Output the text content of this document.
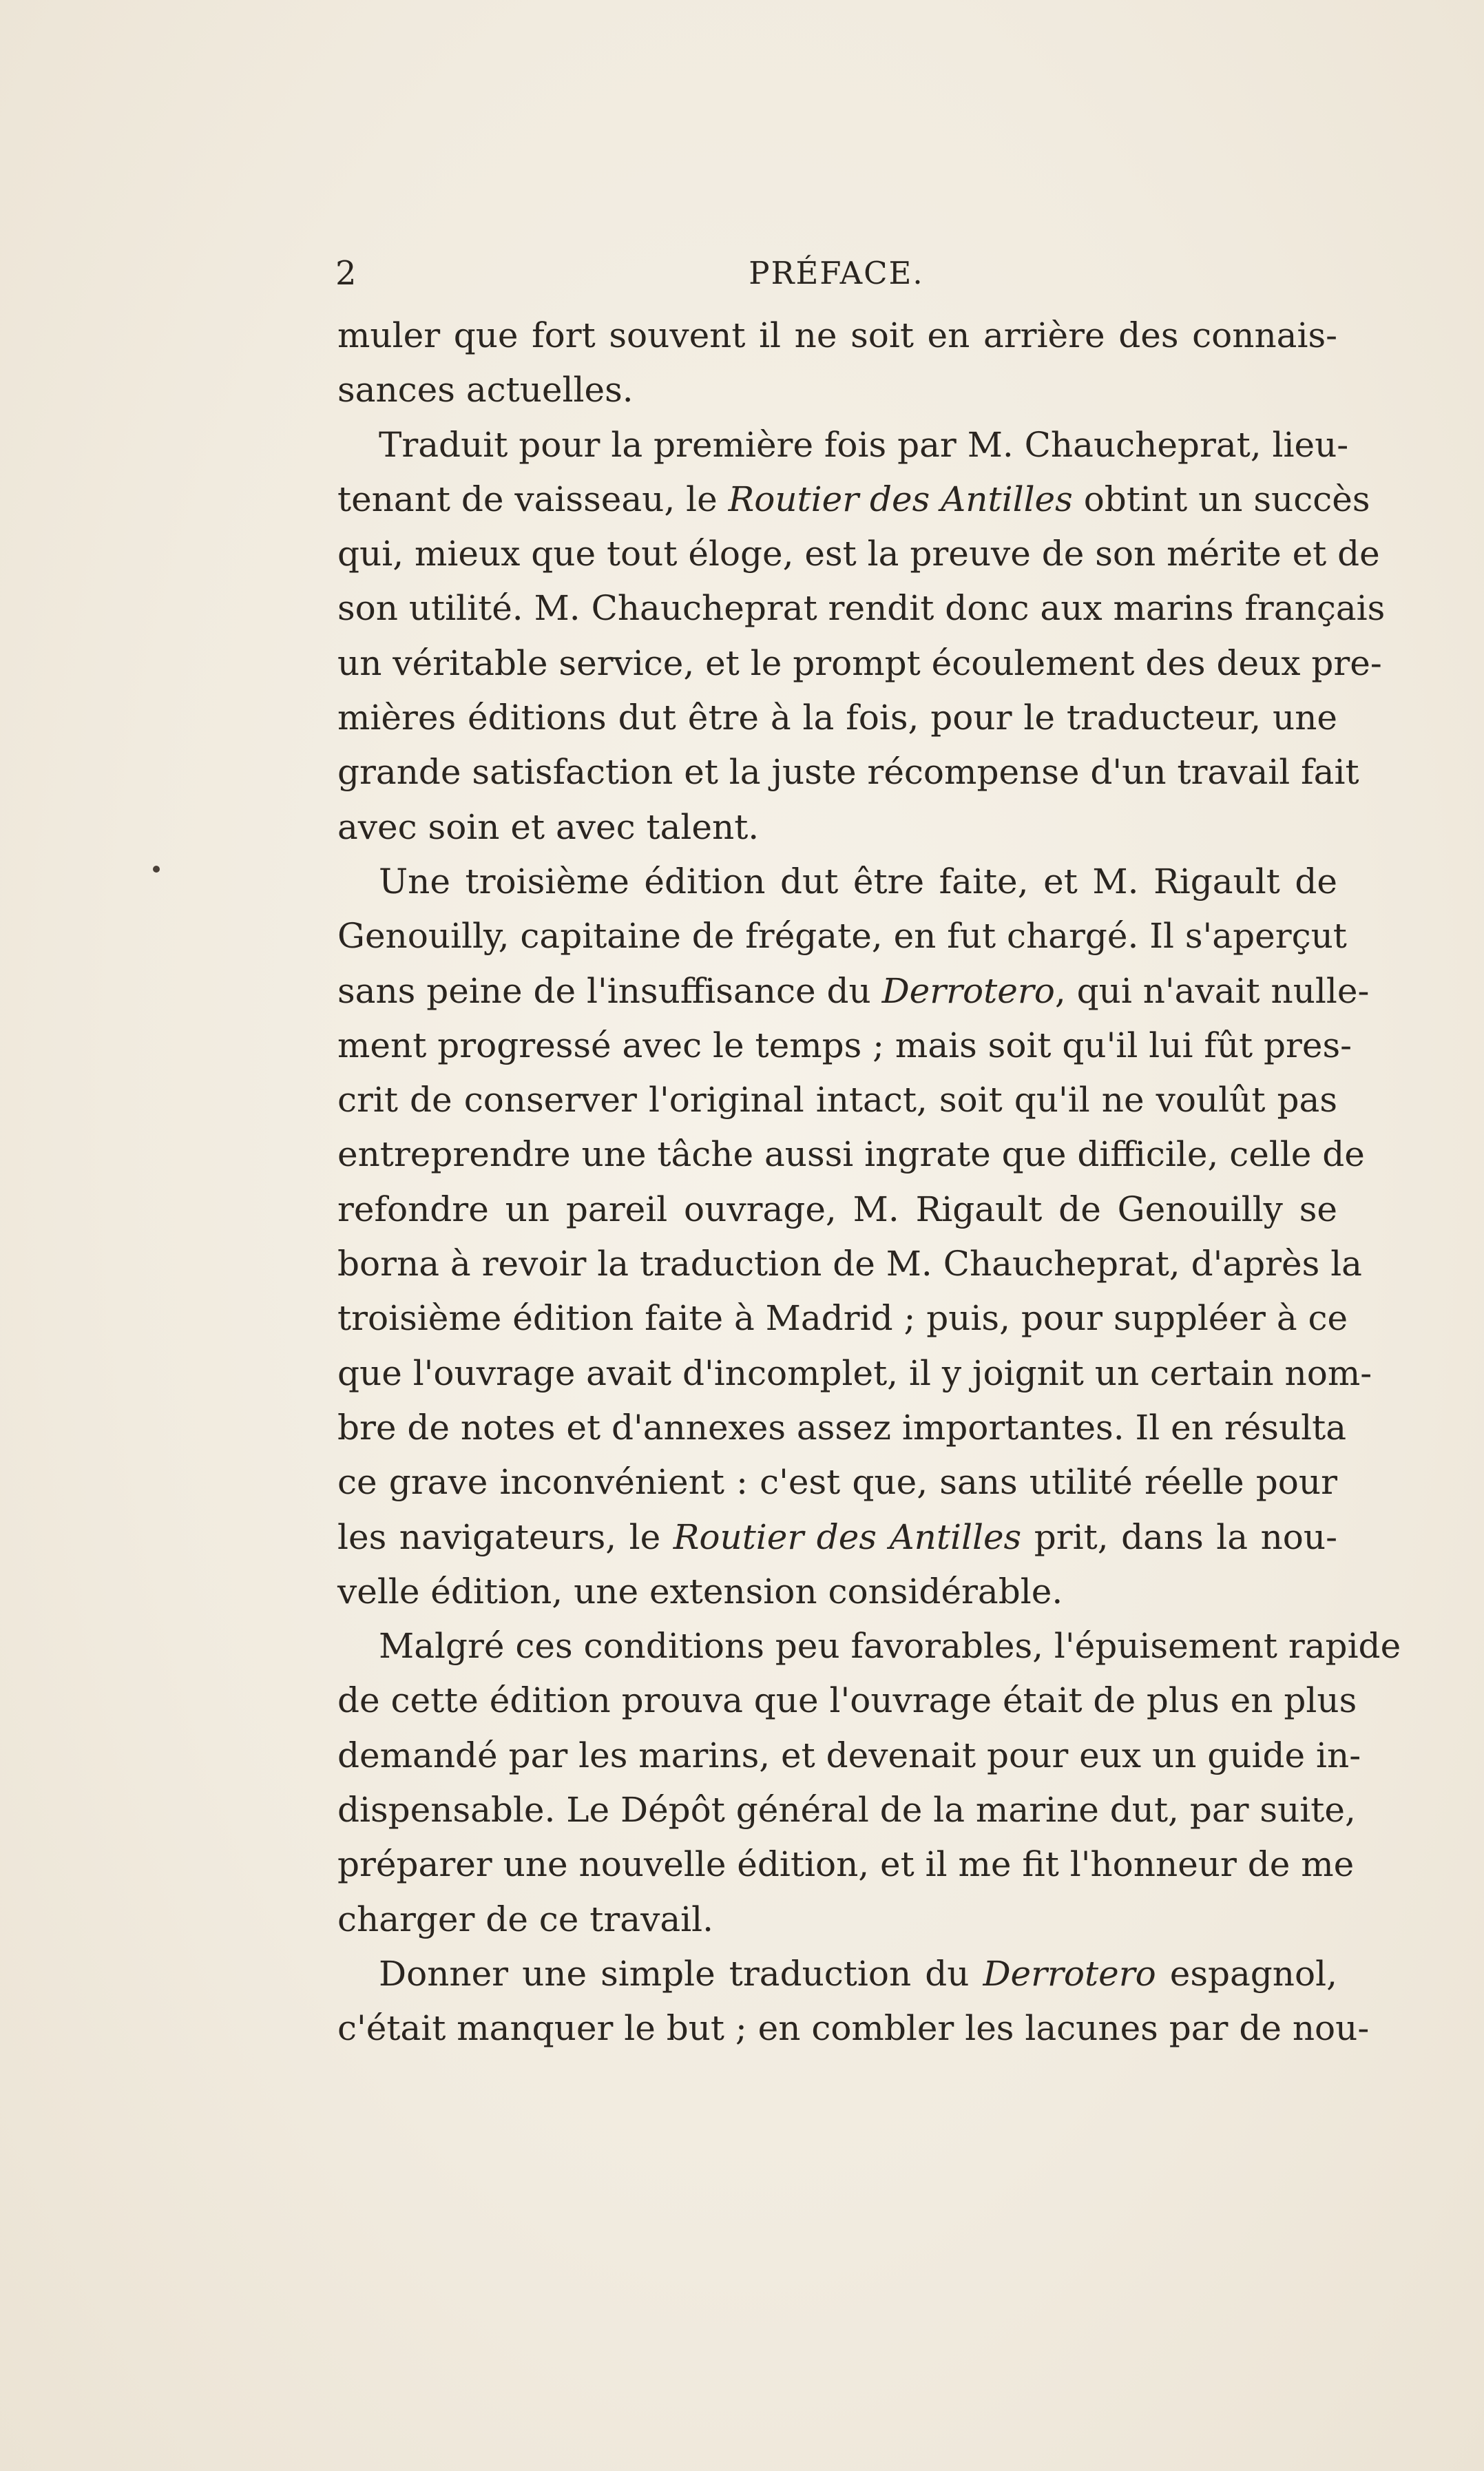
2	PRÉFACE.
muler que fort souvent il ne soit en arrière des connais-
sances actuelles.
Traduit pour la première fois par M. Chaucheprat, lieu-
tenant de vaisseau, le Routier des Antilles obtint un succès
qui, mieux que tout éloge, est la preuve de son mérite et de
son utilité. M. Chaucheprat rendit donc aux marins français
un véritable service, et le prompt écoulement des deux pre-
mières éditions dut être à la fois, pour le traducteur, une
grande satisfaction et la juste récompense d'un travail fait
avec soin et avec talent.
Une troisième édition dut être faite, et M. Rigault de
Genouilly, capitaine de frégate, en fut chargé. Il s'aperçut
sans peine de l'insuffisance du Derrotero, qui n'avait nulle-
ment progressé avec le temps ; mais soit qu'il lui fût pres-
crit de conserver l'original intact, soit qu'il ne voulût pas
entreprendre une tâche aussi ingrate que difficile, celle de
refondre un pareil ouvrage, M. Rigault de Genouilly se
borna à revoir la traduction de M. Chaucheprat, d'après la
troisième édition faite à Madrid ; puis, pour suppléer à ce
que l'ouvrage avait d'incomplet, il y joignit un certain nom-
bre de notes et d'annexes assez importantes. Il en résulta
ce grave inconvénient : c'est que, sans utilité réelle pour
les navigateurs, le Routier des Antilles prit, dans la nou-
velle édition, une extension considérable.
Malgré ces conditions peu favorables, l'épuisement rapide
de cette édition prouva que l'ouvrage était de plus en plus
demandé par les marins, et devenait pour eux un guide in-
dispensable. Le Dépôt général de la marine dut, par suite,
préparer une nouvelle édition, et il me fit l'honneur de me
charger de ce travail.
Donner une simple traduction du Derrotero espagnol,
c'était manquer le but ; en combler les lacunes par de nou-
